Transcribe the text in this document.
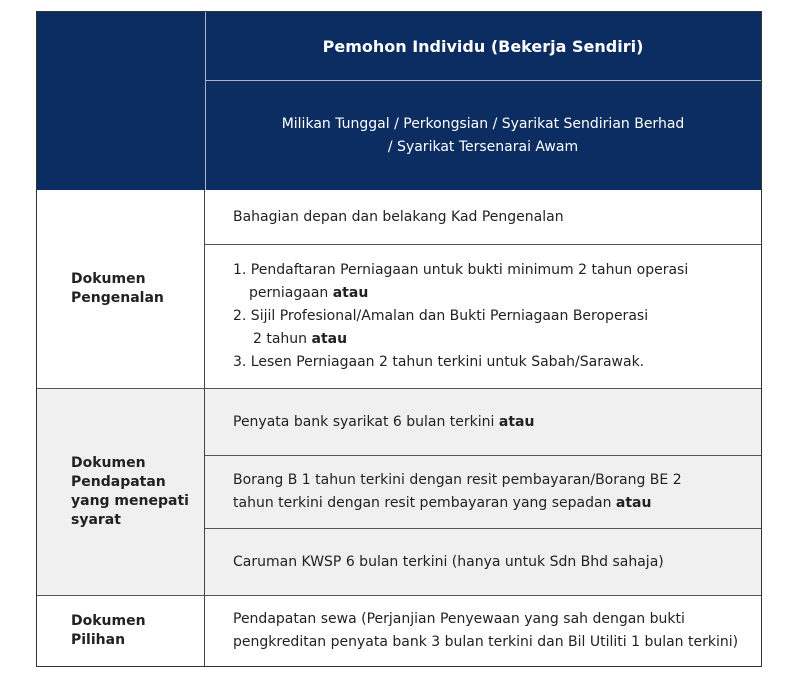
Pemohon Individu (Bekerja Sendiri)
Milikan Tunggal / Perkongsian / Syarikat Sendirian Berhad
/ Syarikat Tersenarai Awam
Dokumen
Pengenalan
Bahagian depan dan belakang Kad Pengenalan
1. Pendaftaran Perniagaan untuk bukti minimum 2 tahun operasi
perniagaan atau
2. Sijil Profesional/Amalan dan Bukti Perniagaan Beroperasi
2 tahun atau
3. Lesen Perniagaan 2 tahun terkini untuk Sabah/Sarawak.
Dokumen
Pendapatan
yang menepati
syarat
Penyata bank syarikat 6 bulan terkini atau
Borang B 1 tahun terkini dengan resit pembayaran/Borang BE 2
tahun terkini dengan resit pembayaran yang sepadan atau
Caruman KWSP 6 bulan terkini (hanya untuk Sdn Bhd sahaja)
Dokumen
Pilihan
Pendapatan sewa (Perjanjian Penyewaan yang sah dengan bukti
pengkreditan penyata bank 3 bulan terkini dan Bil Utiliti 1 bulan terkini)
